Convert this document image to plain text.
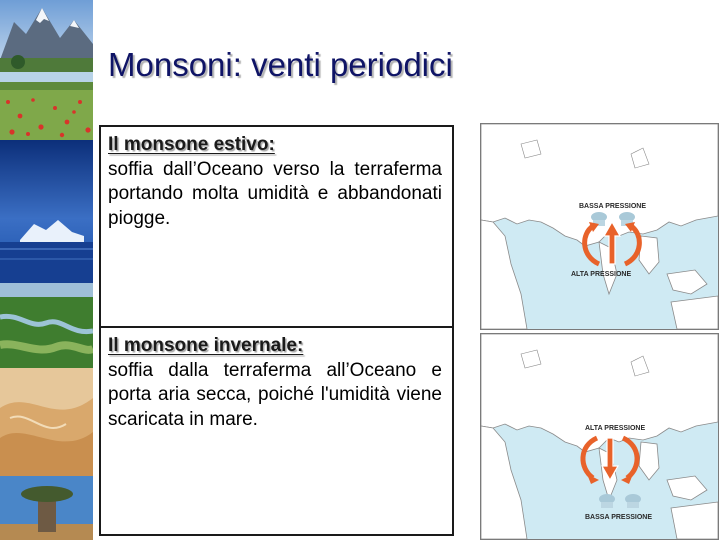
Monsoni: venti periodici
Il monsone estivo:
soffia dall’Oceano verso la terraferma portando molta umidità e abbandonati piogge.
Il monsone invernale:
soffia dalla terraferma all’Oceano e porta aria secca, poiché l'umidità viene scaricata in mare.
BASSA PRESSIONE
ALTA PRESSIONE
ALTA PRESSIONE
BASSA PRESSIONE
